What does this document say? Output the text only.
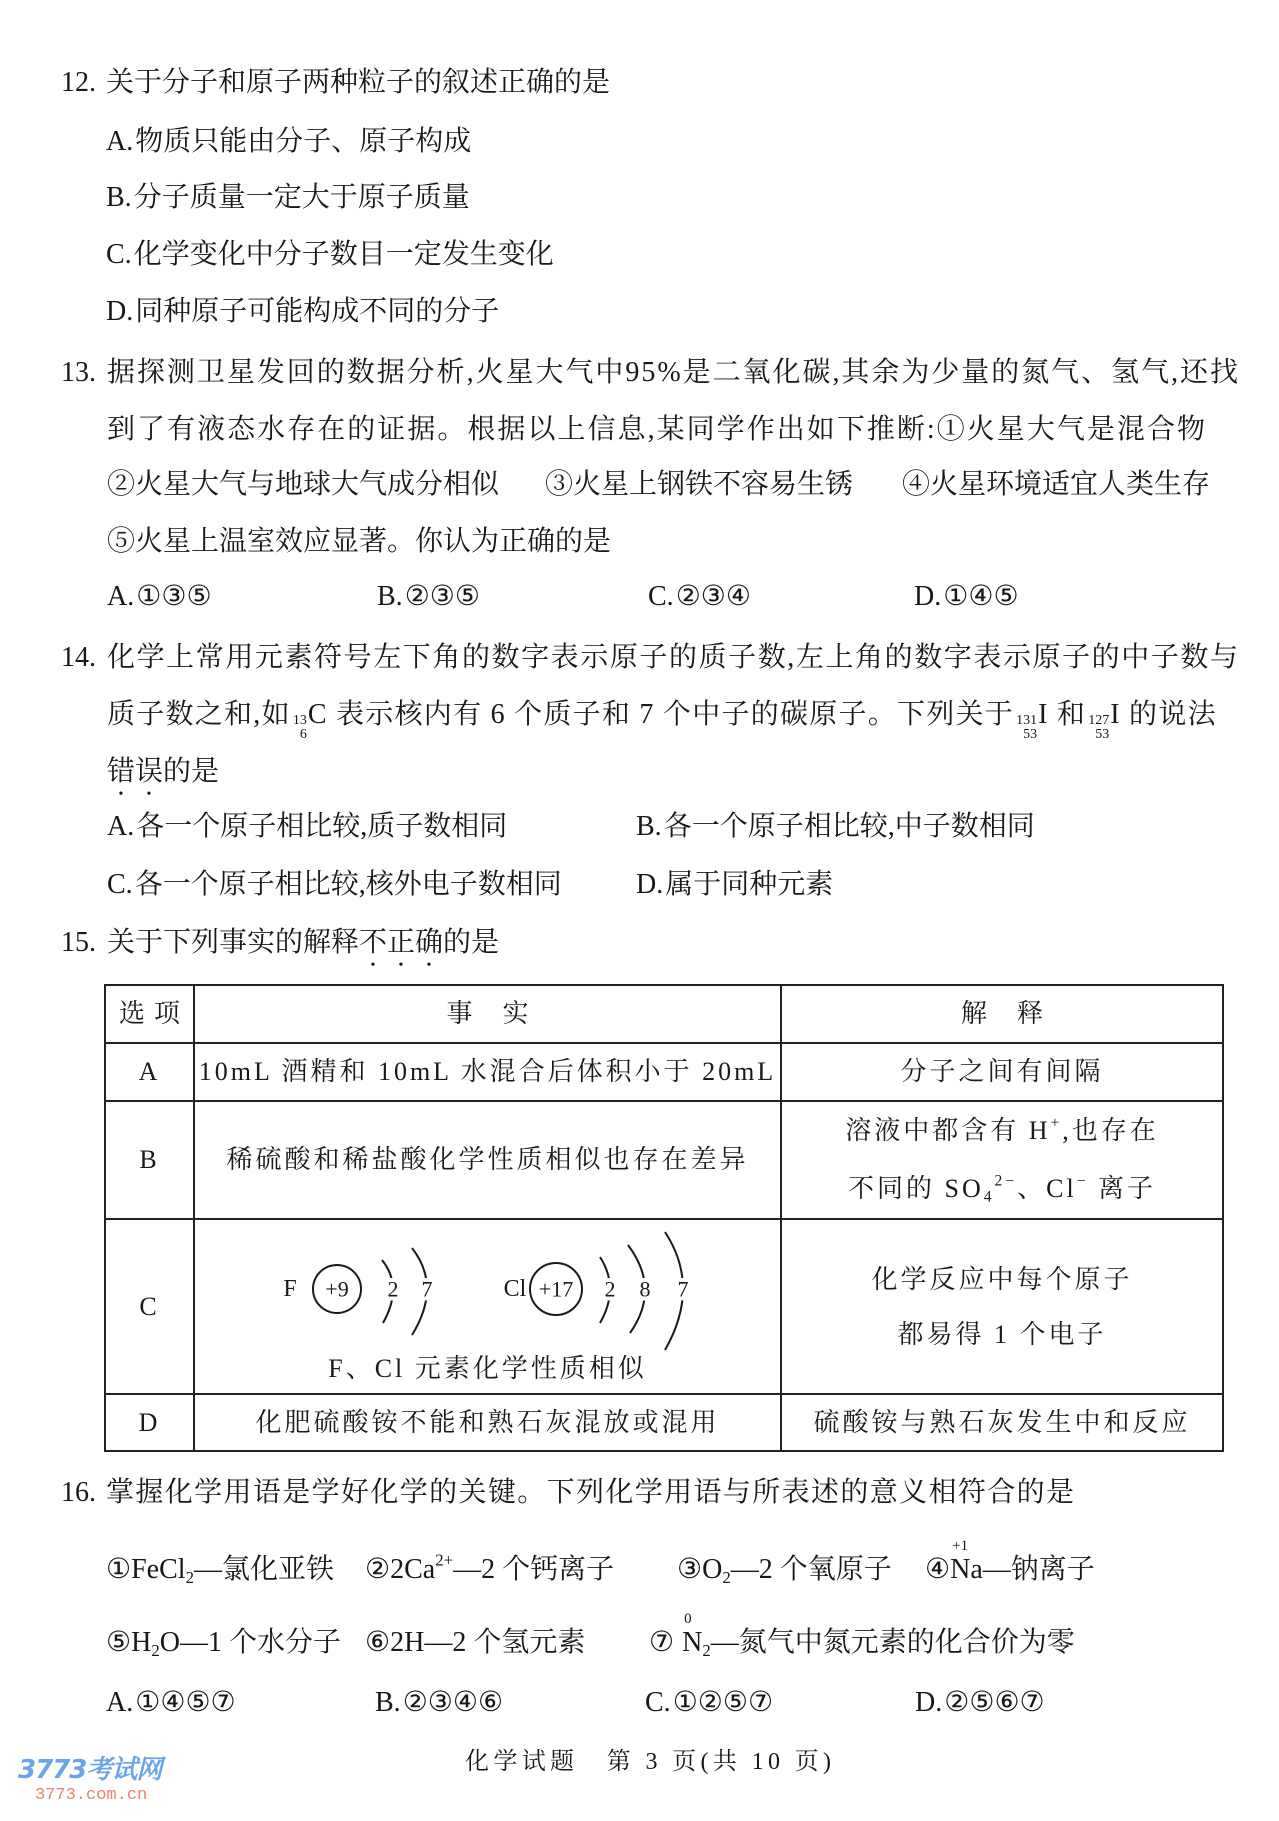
12. 关于分子和原子两种粒子的叙述正确的是
A.物质只能由分子、原子构成
B.分子质量一定大于原子质量
C.化学变化中分子数目一定发生变化
D.同种原子可能构成不同的分子
13. 据探测卫星发回的数据分析,火星大气中95%是二氧化碳,其余为少量的氮气、氢气,还找
到了有液态水存在的证据。根据以上信息,某同学作出如下推断:①火星大气是混合物
②火星大气与地球大气成分相似 ③火星上钢铁不容易生锈 ④火星环境适宜人类生存
⑤火星上温室效应显著。你认为正确的是
A.①③⑤	B.②③⑤	C.②③④	D.①④⑤
14. 化学上常用元素符号左下角的数字表示原子的质子数,左上角的数字表示原子的中子数与
质子数之和,如 13
6
C 表示核内有 6 个质子和 7 个中子的碳原子。下列关于 131
53
I 和 127
53
I 的说法
错误的是
A.各一个原子相比较,质子数相同	B.各一个原子相比较,中子数相同
C.各一个原子相比较,核外电子数相同	D.属于同种元素
15. 关于下列事实的解释不正确的是
选项	事实	解释
A	10mL 酒精和 10mL 水混合后体积小于 20mL	分子之间有间隔
B	稀硫酸和稀盐酸化学性质相似也存在差异	溶液中都含有 H+,也存在
不同的 $SO_4^{2-}$、Cl− 离子

C	F、Cl 元素化学性质相似	化学反应中每个原子
都易得 1 个电子

D	化肥硫酸铵不能和熟石灰混放或混用	硫酸铵与熟石灰发生中和反应
F +9 2 7	Cl +17 2 8 7
16. 掌握化学用语是学好化学的关键。下列化学用语与所表述的意义相符合的是
①FeCl$_2$—氯化亚铁 $②2Ca^{2+}—2$ 个钙离子 $③O_2—2$ 个氧原子 ④
+1
Na—钠离子
$⑤H_2O—1$ 个水分子 ⑥2H—2 个氢元素 ⑦
0
$N_2—$氮气中氮元素的化合价为零
A.①④⑤⑦	B.②③④⑥	C.①②⑤⑦	D.②⑤⑥⑦
化学试题　第 3 页(共 10 页)
3773考试网
3773.com.cn
